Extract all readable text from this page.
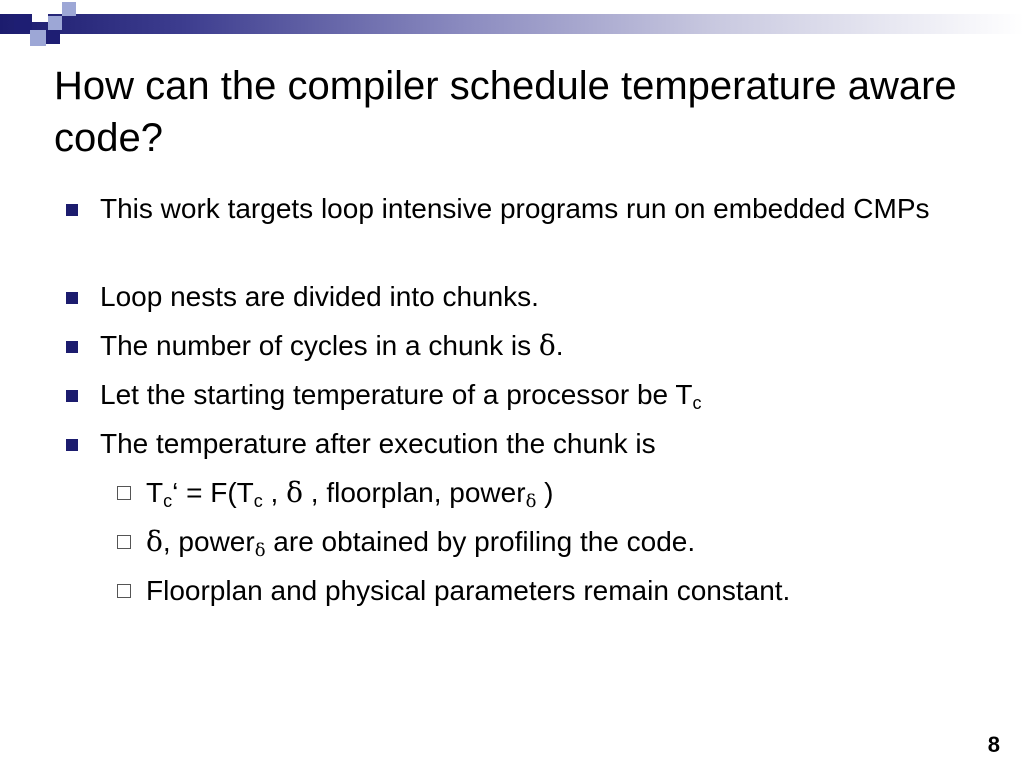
How can the compiler schedule temperature aware code?
This work targets loop intensive programs run on embedded CMPs
Loop nests are divided into chunks.
The number of cycles in a chunk is δ.
Let the starting temperature of a processor be $T_c$
The temperature after execution the chunk is
$T_c‘ = F(T_c$ , δ , floorplan, power$_\delta$ )
δ, power$_\delta$ are obtained by profiling the code.
Floorplan and physical parameters remain constant.
8
